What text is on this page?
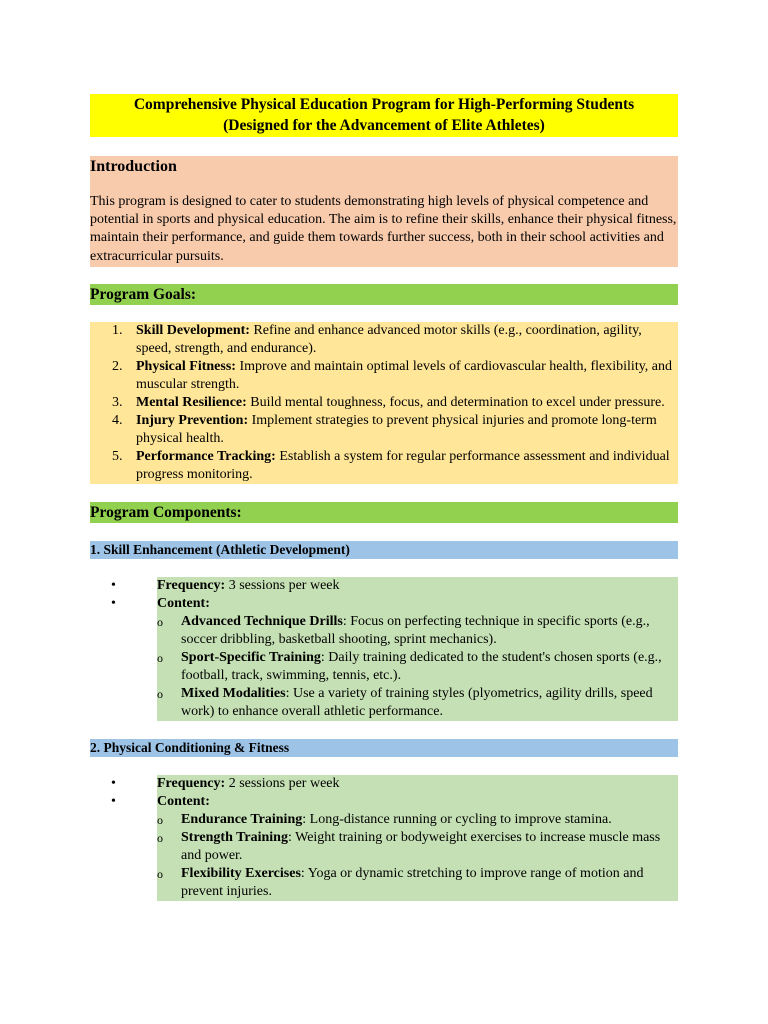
Comprehensive Physical Education Program for High-Performing Students
(Designed for the Advancement of Elite Athletes)
Introduction
This program is designed to cater to students demonstrating high levels of physical competence and potential in sports and physical education. The aim is to refine their skills, enhance their physical fitness, maintain their performance, and guide them towards further success, both in their school activities and extracurricular pursuits.
Program Goals:
1. Skill Development: Refine and enhance advanced motor skills (e.g., coordination, agility, speed, strength, and endurance).
2. Physical Fitness: Improve and maintain optimal levels of cardiovascular health, flexibility, and muscular strength.
3. Mental Resilience: Build mental toughness, focus, and determination to excel under pressure.
4. Injury Prevention: Implement strategies to prevent physical injuries and promote long-term physical health.
5. Performance Tracking: Establish a system for regular performance assessment and individual progress monitoring.
Program Components:
1. Skill Enhancement (Athletic Development)
•	Frequency: 3 sessions per week
•	Content:
o Advanced Technique Drills: Focus on perfecting technique in specific sports (e.g., soccer dribbling, basketball shooting, sprint mechanics).
o Sport-Specific Training: Daily training dedicated to the student's chosen sports (e.g., football, track, swimming, tennis, etc.).
o Mixed Modalities: Use a variety of training styles (plyometrics, agility drills, speed work) to enhance overall athletic performance.
2. Physical Conditioning & Fitness
•	Frequency: 2 sessions per week
•	Content:
o Endurance Training: Long-distance running or cycling to improve stamina.
o Strength Training: Weight training or bodyweight exercises to increase muscle mass and power.
o Flexibility Exercises: Yoga or dynamic stretching to improve range of motion and prevent injuries.
